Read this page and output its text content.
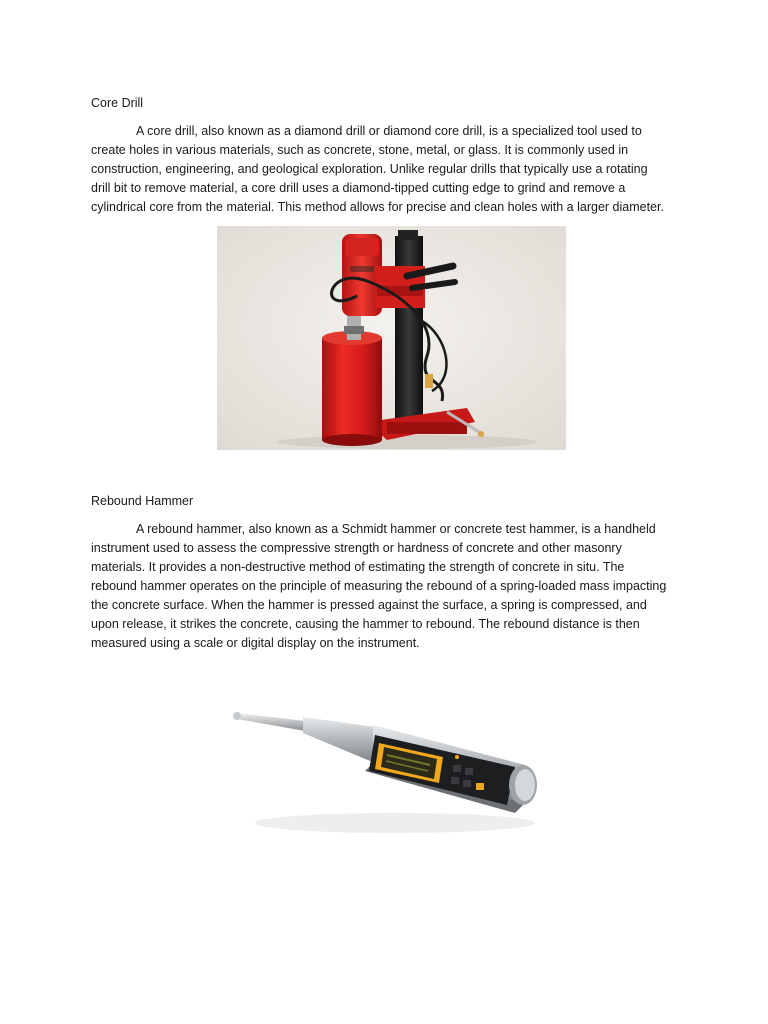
Core Drill

A core drill, also known as a diamond drill or diamond core drill, is a specialized tool used to
create holes in various materials, such as concrete, stone, metal, or glass. It is commonly used in
construction, engineering, and geological exploration. Unlike regular drills that typically use a rotating
drill bit to remove material, a core drill uses a diamond-tipped cutting edge to grind and remove a
cylindrical core from the material. This method allows for precise and clean holes with a larger diameter.

Rebound Hammer

A rebound hammer, also known as a Schmidt hammer or concrete test hammer, is a handheld
instrument used to assess the compressive strength or hardness of concrete and other masonry
materials. It provides a non-destructive method of estimating the strength of concrete in situ. The
rebound hammer operates on the principle of measuring the rebound of a spring-loaded mass impacting
the concrete surface. When the hammer is pressed against the surface, a spring is compressed, and
upon release, it strikes the concrete, causing the hammer to rebound. The rebound distance is then
measured using a scale or digital display on the instrument.
